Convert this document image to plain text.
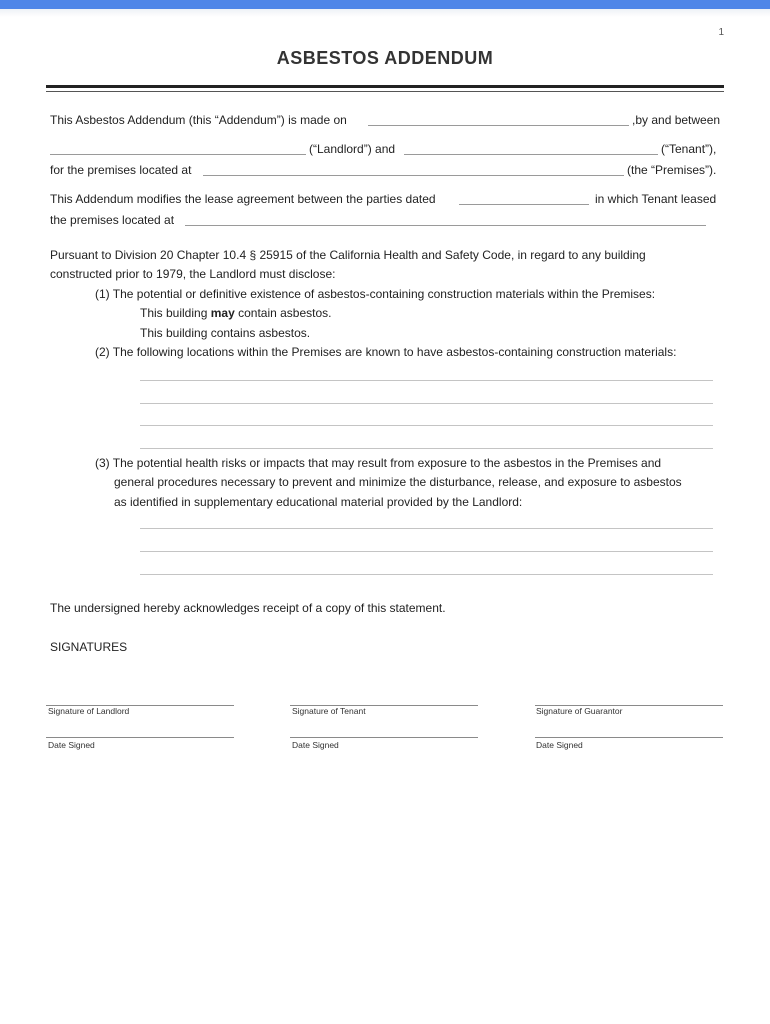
1
ASBESTOS ADDENDUM
This Asbestos Addendum (this “Addendum”) is made on	,by and between
(“Landlord”) and	(“Tenant”),
for the premises located at	(the “Premises”).
This Addendum modifies the lease agreement between the parties dated	in which Tenant leased
the premises located at
Pursuant to Division 20 Chapter 10.4 § 25915 of the California Health and Safety Code, in regard to any building
constructed prior to 1979, the Landlord must disclose:
(1) The potential or definitive existence of asbestos-containing construction materials within the Premises:
This building may contain asbestos.
This building contains asbestos.
(2) The following locations within the Premises are known to have asbestos-containing construction materials:
(3) The potential health risks or impacts that may result from exposure to the asbestos in the Premises and
general procedures necessary to prevent and minimize the disturbance, release, and exposure to asbestos
as identified in supplementary educational material provided by the Landlord:
The undersigned hereby acknowledges receipt of a copy of this statement.
SIGNATURES
Signature of Landlord
Date Signed
Signature of Tenant
Date Signed
Signature of Guarantor
Date Signed
